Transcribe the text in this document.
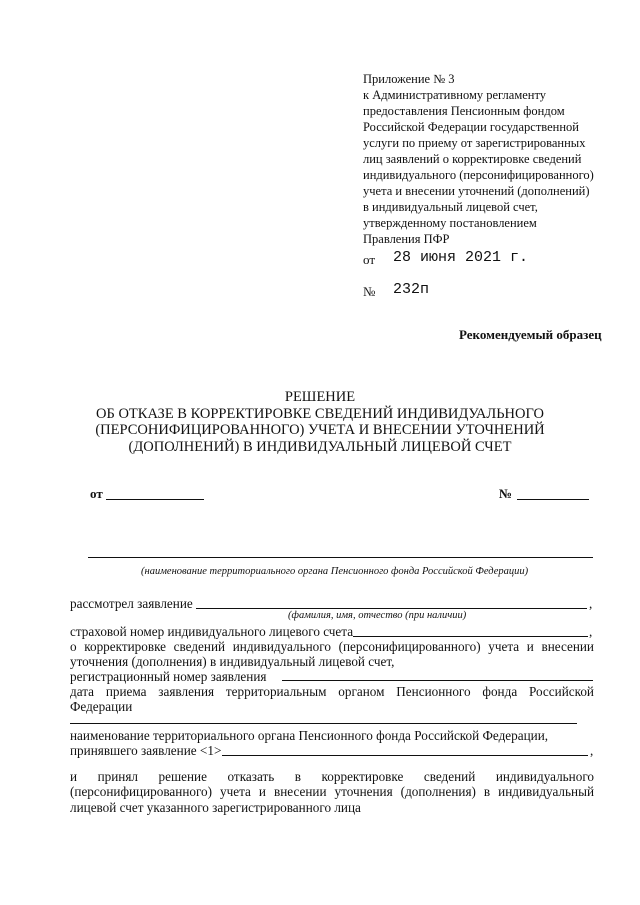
Приложение № 3
к Административному регламенту
предоставления Пенсионным фондом
Российской Федерации государственной
услуги по приему от зарегистрированных
лиц заявлений о корректировке сведений
индивидуального (персонифицированного)
учета и внесении уточнений (дополнений)
в индивидуальный лицевой счет,
утвержденному постановлением
Правления ПФР
от 28 июня 2021 г.
№ 232п
Рекомендуемый образец
РЕШЕНИЕ
ОБ ОТКАЗЕ В КОРРЕКТИРОВКЕ СВЕДЕНИЙ ИНДИВИДУАЛЬНОГО
(ПЕРСОНИФИЦИРОВАННОГО) УЧЕТА И ВНЕСЕНИИ УТОЧНЕНИЙ
(ДОПОЛНЕНИЙ) В ИНДИВИДУАЛЬНЫЙ ЛИЦЕВОЙ СЧЕТ
от	№
(наименование территориального органа Пенсионного фонда Российской Федерации)
рассмотрел заявление	,
(фамилия, имя, отчество (при наличии)
страховой номер индивидуального лицевого счета	,
о корректировке сведений индивидуального (персонифицированного) учета и внесении
уточнения (дополнения) в индивидуальный лицевой счет,
регистрационный номер заявления
дата приема заявления территориальным органом Пенсионного фонда Российской
Федерации
наименование территориального органа Пенсионного фонда Российской Федерации,
принявшего заявление <1>	,
и принял решение отказать в корректировке сведений индивидуального
(персонифицированного) учета и внесении уточнения (дополнения) в индивидуальный
лицевой счет указанного зарегистрированного лица
